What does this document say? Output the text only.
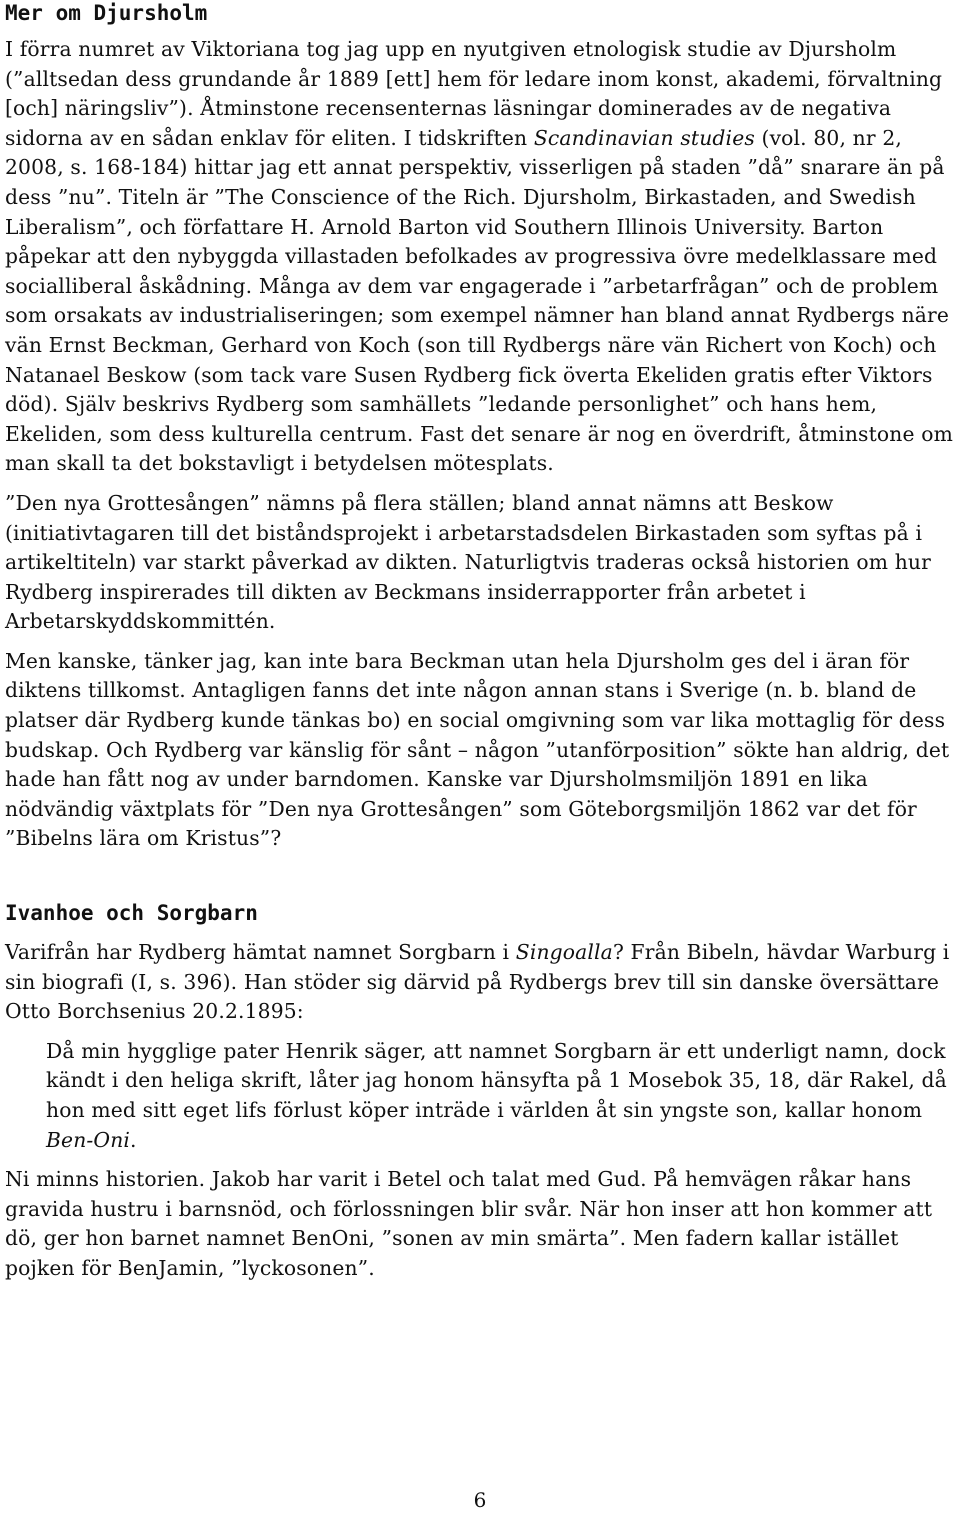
Mer om Djursholm

I förra numret av Viktoriana tog jag upp en nyutgiven etnologisk studie av Djursholm (”alltsedan dess grundande år 1889 [ett] hem för ledare inom konst, akademi, förvaltning [och] näringsliv”). Åtminstone recensenternas läsningar dominerades av de negativa sidorna av en sådan enklav för eliten. I tidskriften Scandinavian studies (vol. 80, nr 2, 2008, s. 168-184) hittar jag ett annat perspektiv, visserligen på staden ”då” snarare än på dess ”nu”. Titeln är ”The Conscience of the Rich. Djursholm, Birkastaden, and Swedish Liberalism”, och författare H. Arnold Barton vid Southern Illinois University. Barton påpekar att den nybyggda villastaden befolkades av progressiva övre medelklassare med socialliberal åskådning. Många av dem var engagerade i ”arbetarfrågan” och de problem som orsakats av industrialiseringen; som exempel nämner han bland annat Rydbergs näre vän Ernst Beckman, Gerhard von Koch (son till Rydbergs näre vän Richert von Koch) och Natanael Beskow (som tack vare Susen Rydberg fick överta Ekeliden gratis efter Viktors död). Själv beskrivs Rydberg som samhällets ”ledande personlighet” och hans hem, Ekeliden, som dess kulturella centrum. Fast det senare är nog en överdrift, åtminstone om man skall ta det bokstavligt i betydelsen mötesplats.

”Den nya Grottesången” nämns på flera ställen; bland annat nämns att Beskow (initiativtagaren till det biståndsprojekt i arbetarstadsdelen Birkastaden som syftas på i artikeltiteln) var starkt påverkad av dikten. Naturligtvis traderas också historien om hur Rydberg inspirerades till dikten av Beckmans insiderrapporter från arbetet i Arbetarskyddskommittén.

Men kanske, tänker jag, kan inte bara Beckman utan hela Djursholm ges del i äran för diktens tillkomst. Antagligen fanns det inte någon annan stans i Sverige (n. b. bland de platser där Rydberg kunde tänkas bo) en social omgivning som var lika mottaglig för dess budskap. Och Rydberg var känslig för sånt – någon ”utanförposition” sökte han aldrig, det hade han fått nog av under barndomen. Kanske var Djursholmsmiljön 1891 en lika nödvändig växtplats för ”Den nya Grottesången” som Göteborgsmiljön 1862 var det för ”Bibelns lära om Kristus”?

Ivanhoe och Sorgbarn

Varifrån har Rydberg hämtat namnet Sorgbarn i Singoalla? Från Bibeln, hävdar Warburg i sin biografi (I, s. 396). Han stöder sig därvid på Rydbergs brev till sin danske översättare Otto Borchsenius 20.2.1895:

Då min hygglige pater Henrik säger, att namnet Sorgbarn är ett underligt namn, dock kändt i den heliga skrift, låter jag honom hänsyfta på 1 Mosebok 35, 18, där Rakel, då hon med sitt eget lifs förlust köper inträde i världen åt sin yngste son, kallar honom Ben-Oni.

Ni minns historien. Jakob har varit i Betel och talat med Gud. På hemvägen råkar hans gravida hustru i barnsnöd, och förlossningen blir svår. När hon inser att hon kommer att dö, ger hon barnet namnet BenOni, ”sonen av min smärta”. Men fadern kallar istället pojken för BenJamin, ”lyckosonen”.

6
